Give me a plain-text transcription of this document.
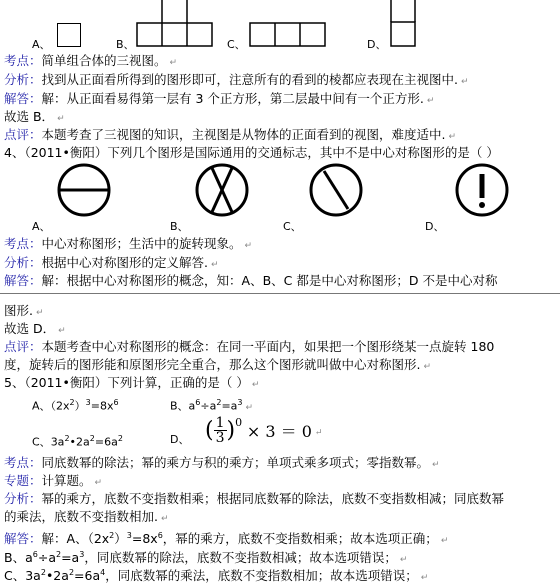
A、	B、	C、	D、
考点：简单组合体的三视图。 ↵
分析：找到从正面看所得到的图形即可，注意所有的看到的棱都应表现在主视图中. ↵
解答：解：从正面看易得第一层有 3 个正方形，第二层最中间有一个正方形. ↵
故选 B． ↵
点评：本题考查了三视图的知识，主视图是从物体的正面看到的视图，难度适中. ↵
4、（2011•衡阳）下列几个图形是国际通用的交通标志，其中不是中心对称图形的是（ ）
A、	B、	C、	D、
考点：中心对称图形；生活中的旋转现象。 ↵
分析：根据中心对称图形的定义解答. ↵
解答：解：根据中心对称图形的概念，知：A、B、C 都是中心对称图形；D 不是中心对称
图形. ↵
故选 D． ↵
点评：本题考查中心对称图形的概念：在同一平面内，如果把一个图形绕某一点旋转 180
度，旋转后的图形能和原图形完全重合，那么这个图形就叫做中心对称图形. ↵
5、（2011•衡阳）下列计算，正确的是（ ） ↵
A、$(2x^2)^3=8x^6$	B、$a^6\div a^2=a^3↵$
C、$3a^2•2a^2=6a^2$	D、 ( $\frac{1}{3} )^0 \times 3 = 0$ ↵
考点：同底数幂的除法；幂的乘方与积的乘方；单项式乘多项式；零指数幂。 ↵
专题：计算题。 ↵
分析：幂的乘方，底数不变指数相乘；根据同底数幂的除法，底数不变指数相减；同底数幂
的乘法，底数不变指数相加. ↵
解答：解：A、$(2x^2)^3=8x^6$，幂的乘方，底数不变指数相乘；故本选项正确； ↵
B、$a^6\div a^2=a^3$，同底数幂的除法，底数不变指数相减；故本选项错误； ↵
C、$3a^2•2a^2=6a^4$，同底数幂的乘法，底数不变指数相加；故本选项错误； ↵
